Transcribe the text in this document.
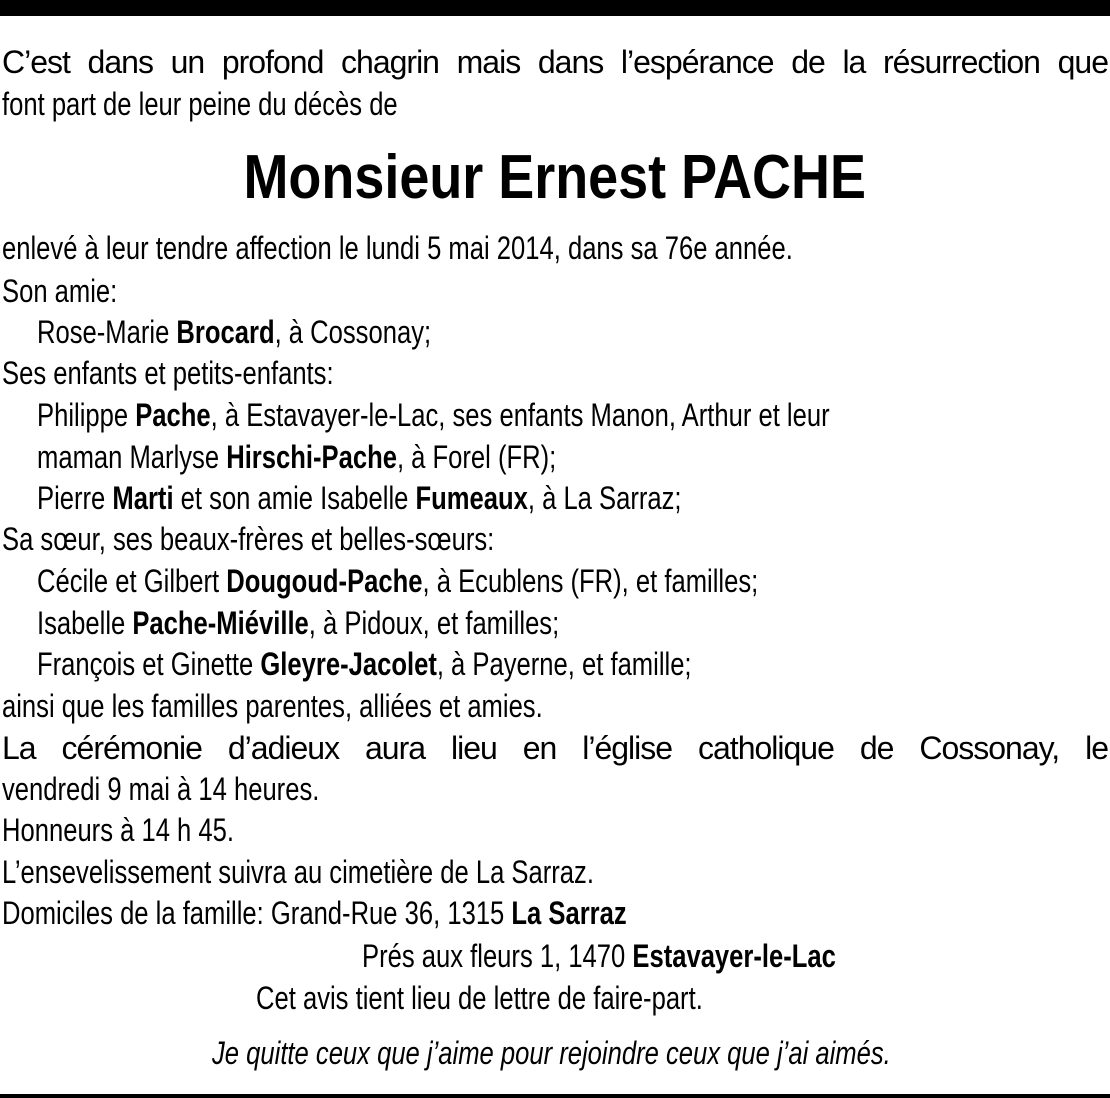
C’est dans un profond chagrin mais dans l’espérance de la résurrection que
font part de leur peine du décès de
Monsieur Ernest PACHE
enlevé à leur tendre affection le lundi 5 mai 2014, dans sa 76e année.
Son amie:
Rose-Marie Brocard, à Cossonay;
Ses enfants et petits-enfants:
Philippe Pache, à Estavayer-le-Lac, ses enfants Manon, Arthur et leur
maman Marlyse Hirschi-Pache, à Forel (FR);
Pierre Marti et son amie Isabelle Fumeaux, à La Sarraz;
Sa sœur, ses beaux-frères et belles-sœurs:
Cécile et Gilbert Dougoud-Pache, à Ecublens (FR), et familles;
Isabelle Pache-Miéville, à Pidoux, et familles;
François et Ginette Gleyre-Jacolet, à Payerne, et famille;
ainsi que les familles parentes, alliées et amies.
La cérémonie d’adieux aura lieu en l’église catholique de Cossonay, le
vendredi 9 mai à 14 heures.
Honneurs à 14 h 45.
L’ensevelissement suivra au cimetière de La Sarraz.
Domiciles de la famille: Grand-Rue 36, 1315 La Sarraz
Prés aux fleurs 1, 1470 Estavayer-le-Lac
Cet avis tient lieu de lettre de faire-part.
Je quitte ceux que j’aime pour rejoindre ceux que j’ai aimés.
